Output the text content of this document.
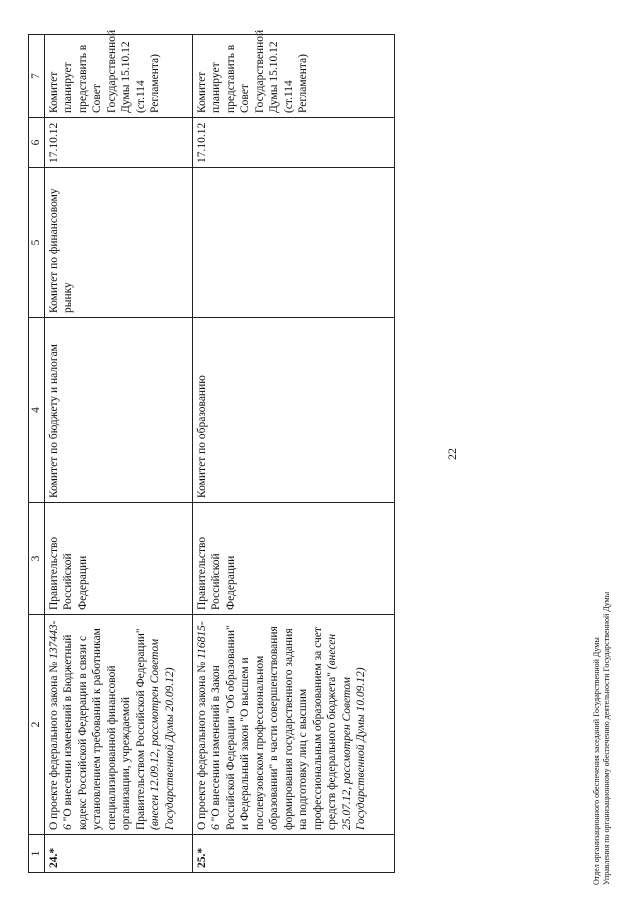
22
1	2	3	4	5	6	7
24.*	О проекте федерального закона № 137443-6 "О внесении изменений в Бюджетный кодекс Российской Федерации в связи с установлением требований к работникам специализированной финансовой организации, учреждаемой Правительством Российской Федерации" (внесен 12.09.12, рассмотрен Советом Государственной Думы 20.09.12)	Правительство Российской Федерации	Комитет по бюджету и налогам	Комитет по финансовому рынку	17.10.12	Комитет планирует представить в Совет Государственной Думы 15.10.12 (ст.114 Регламента)
25.*	О проекте федерального закона № 116815-6 "О внесении изменений в Закон Российской Федерации "Об образовании" и Федеральный закон "О высшем и послевузовском профессиональном образовании" в части совершенствования формирования государственного задания на подготовку лиц с высшим профессиональным образованием за счет средств федерального бюджета" (внесен 25.07.12, рассмотрен Советом Государственной Думы 10.09.12)	Правительство Российской Федерации	Комитет по образованию		17.10.12	Комитет планирует представить в Совет Государственной Думы 15.10.12 (ст.114 Регламента)
Отдел организационного обеспечения заседаний Государственной Думы Управления по организационному обеспечению деятельности Государственной Думы
